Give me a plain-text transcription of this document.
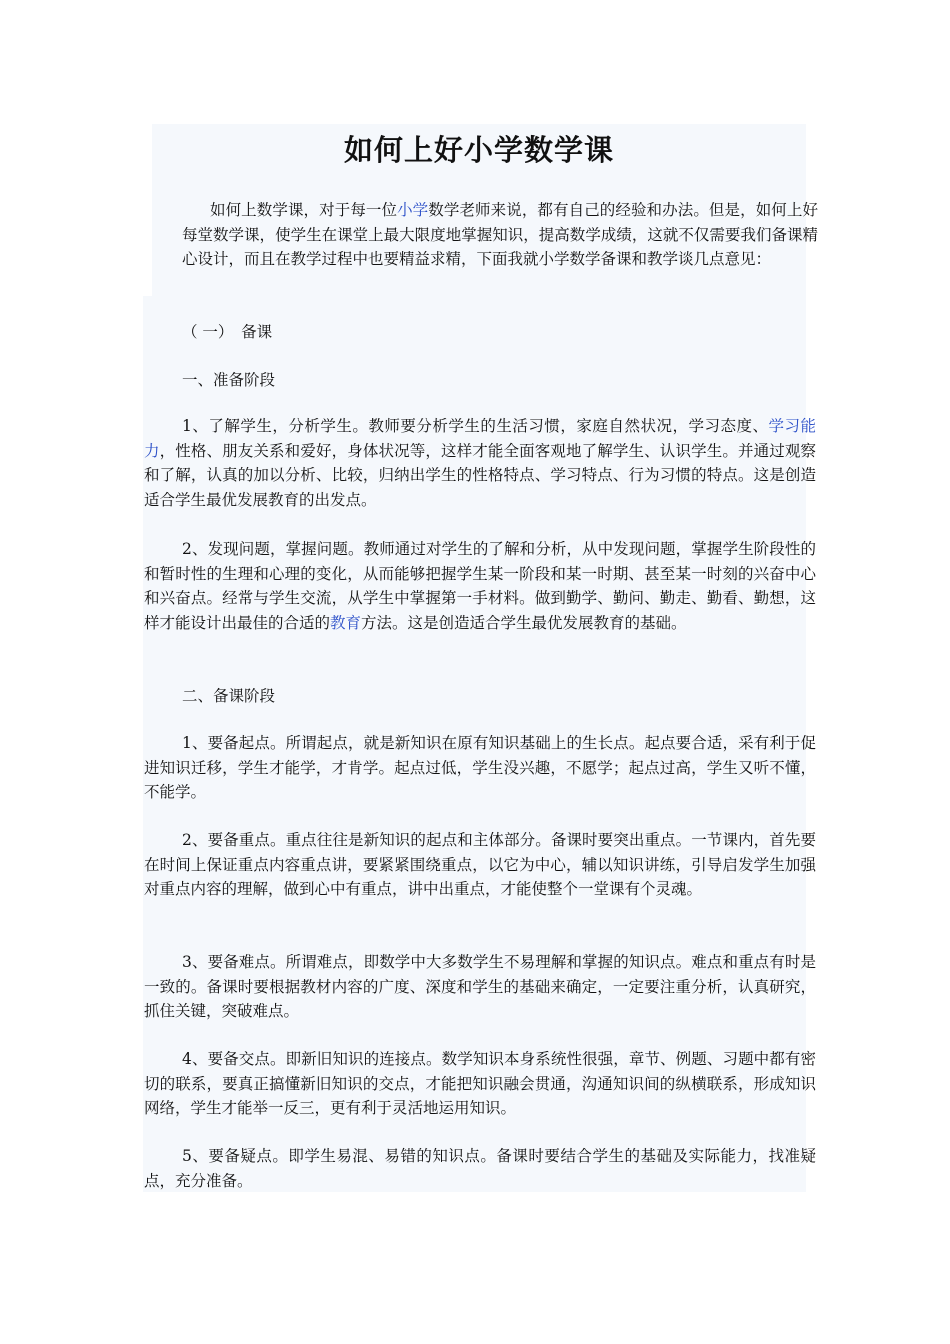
如何上好小学数学课

如何上数学课，对于每一位小学数学老师来说，都有自己的经验和办法。但是，如何上好每堂数学课，使学生在课堂上最大限度地掌握知识，提高数学成绩，这就不仅需要我们备课精心设计，而且在教学过程中也要精益求精，下面我就小学数学备课和教学谈几点意见：

（ 一）　备课

一、准备阶段

1、了解学生，分析学生。教师要分析学生的生活习惯，家庭自然状况，学习态度、学习能力，性格、朋友关系和爱好，身体状况等，这样才能全面客观地了解学生、认识学生。并通过观察和了解，认真的加以分析、比较，归纳出学生的性格特点、学习特点、行为习惯的特点。这是创造适合学生最优发展教育的出发点。

2、发现问题，掌握问题。教师通过对学生的了解和分析，从中发现问题，掌握学生阶段性的和暂时性的生理和心理的变化，从而能够把握学生某一阶段和某一时期、甚至某一时刻的兴奋中心和兴奋点。经常与学生交流，从学生中掌握第一手材料。做到勤学、勤问、勤走、勤看、勤想，这样才能设计出最佳的合适的教育方法。这是创造适合学生最优发展教育的基础。

二、备课阶段

1、要备起点。所谓起点，就是新知识在原有知识基础上的生长点。起点要合适，采有利于促进知识迁移，学生才能学，才肯学。起点过低，学生没兴趣，不愿学；起点过高，学生又听不懂，不能学。

2、要备重点。重点往往是新知识的起点和主体部分。备课时要突出重点。一节课内，首先要在时间上保证重点内容重点讲，要紧紧围绕重点，以它为中心，辅以知识讲练，引导启发学生加强对重点内容的理解，做到心中有重点，讲中出重点，才能使整个一堂课有个灵魂。

3、要备难点。所谓难点，即数学中大多数学生不易理解和掌握的知识点。难点和重点有时是一致的。备课时要根据教材内容的广度、深度和学生的基础来确定，一定要注重分析，认真研究，抓住关键，突破难点。

4、要备交点。即新旧知识的连接点。数学知识本身系统性很强，章节、例题、习题中都有密切的联系，要真正搞懂新旧知识的交点，才能把知识融会贯通，沟通知识间的纵横联系，形成知识网络，学生才能举一反三，更有利于灵活地运用知识。

5、要备疑点。即学生易混、易错的知识点。备课时要结合学生的基础及实际能力，找准疑点，充分准备。
